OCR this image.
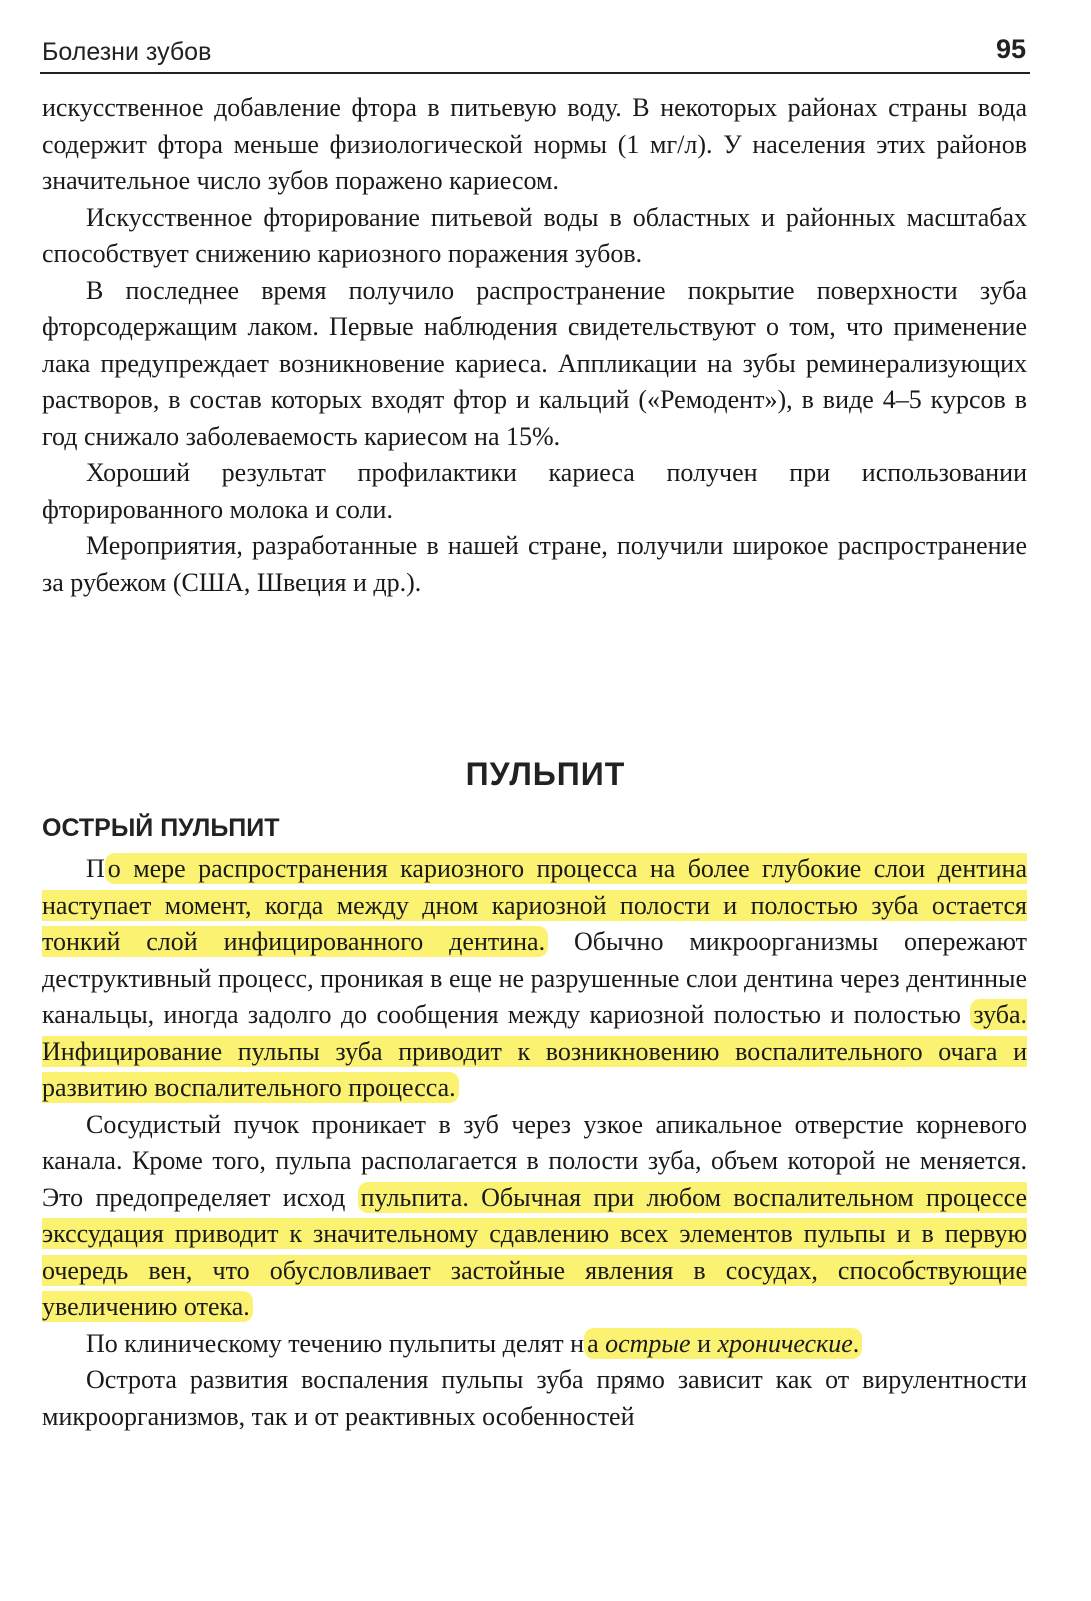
Болезни зубов	95

искусственное добавление фтора в питьевую воду. В некоторых районах страны вода содержит фтора меньше физиологической нормы (1 мг/л). У населения этих районов значительное число зубов поражено кариесом.

Искусственное фторирование питьевой воды в областных и районных масштабах способствует снижению кариозного поражения зубов.

В последнее время получило распространение покрытие поверхности зуба фторсодержащим лаком. Первые наблюдения свидетельствуют о том, что применение лака предупреждает возникновение кариеса. Аппликации на зубы реминерализующих растворов, в состав которых входят фтор и кальций («Ремодент»), в виде 4–5 курсов в год снижало заболеваемость кариесом на 15%.

Хороший результат профилактики кариеса получен при использовании фторированного молока и соли.

Мероприятия, разработанные в нашей стране, получили широкое распространение за рубежом (США, Швеция и др.).

ПУЛЬПИТ
ОСТРЫЙ ПУЛЬПИТ

П о мере распространения кариозного процесса на более глубокие слои дентина наступает момент, когда между дном кариозной полости и полостью зуба остается тонкий слой инфицированного дентина. Обычно микроорганизмы опережают деструктивный процесс, проникая в еще не разрушенные слои дентина через дентинные канальцы, иногда задолго до сообщения между кариозной полостью и полостью зуба. Инфицирование пульпы зуба приводит к возникновению воспалительного очага и развитию воспалительного процесса.

Сосудистый пучок проникает в зуб через узкое апикальное отверстие корневого канала. Кроме того, пульпа располагается в полости зуба, объем которой не меняется. Это предопределяет исход пульпита. Обычная при любом воспалительном процессе экссудация приводит к значительному сдавлению всех элементов пульпы и в первую очередь вен, что обусловливает застойные явления в сосудах, способствующие увеличению отека.

По клиническому течению пульпиты делят н а острые и хронические.

Острота развития воспаления пульпы зуба прямо зависит как от вирулентности микроорганизмов, так и от реактивных особенностей
